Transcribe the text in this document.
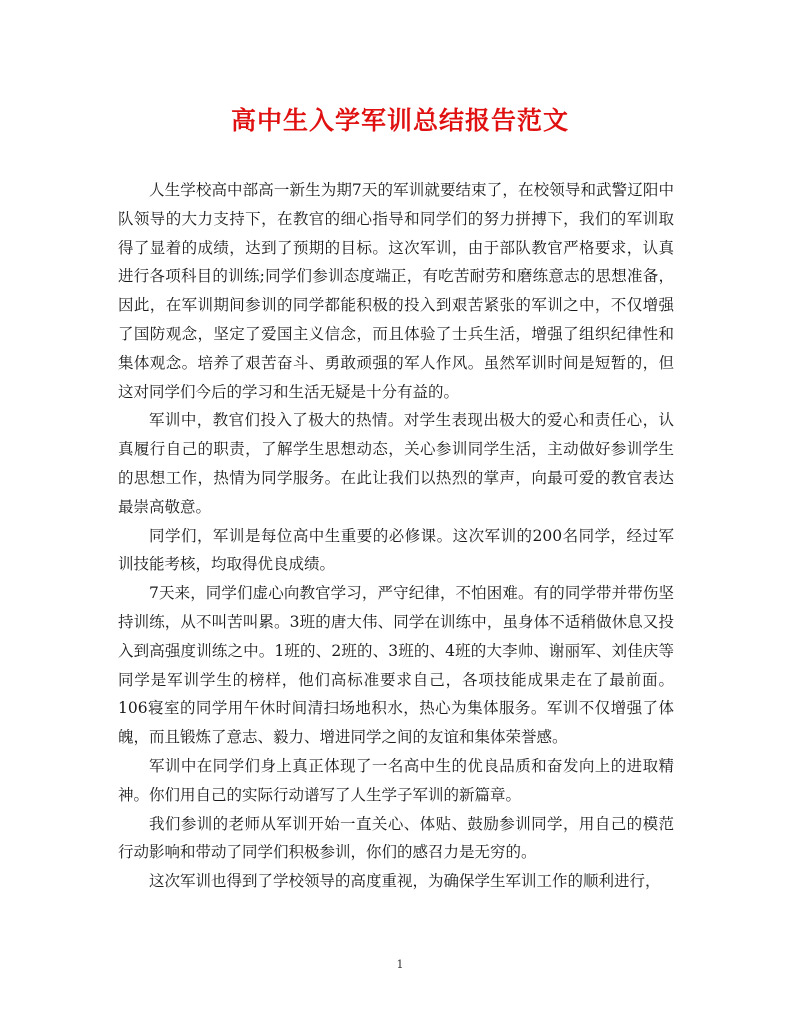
高中生入学军训总结报告范文

人生学校高中部高一新生为期7天的军训就要结束了，在校领导和武警辽阳中队领导的大力支持下，在教官的细心指导和同学们的努力拼搏下，我们的军训取得了显着的成绩，达到了预期的目标。这次军训，由于部队教官严格要求，认真进行各项科目的训练;同学们参训态度端正，有吃苦耐劳和磨练意志的思想准备，因此，在军训期间参训的同学都能积极的投入到艰苦紧张的军训之中，不仅增强了国防观念，坚定了爱国主义信念，而且体验了士兵生活，增强了组织纪律性和集体观念。培养了艰苦奋斗、勇敢顽强的军人作风。虽然军训时间是短暂的，但这对同学们今后的学习和生活无疑是十分有益的。

军训中，教官们投入了极大的热情。对学生表现出极大的爱心和责任心，认真履行自己的职责，了解学生思想动态，关心参训同学生活，主动做好参训学生的思想工作，热情为同学服务。在此让我们以热烈的掌声，向最可爱的教官表达最崇高敬意。

同学们，军训是每位高中生重要的必修课。这次军训的200名同学，经过军训技能考核，均取得优良成绩。

7天来，同学们虚心向教官学习，严守纪律，不怕困难。有的同学带并带伤坚持训练，从不叫苦叫累。3班的唐大伟、同学在训练中，虽身体不适稍做休息又投入到高强度训练之中。1班的、2班的、3班的、4班的大李帅、谢丽军、刘佳庆等同学是军训学生的榜样，他们高标准要求自己，各项技能成果走在了最前面。106寝室的同学用午休时间清扫场地积水，热心为集体服务。军训不仅增强了体魄，而且锻炼了意志、毅力、增进同学之间的友谊和集体荣誉感。

军训中在同学们身上真正体现了一名高中生的优良品质和奋发向上的进取精神。你们用自己的实际行动谱写了人生学子军训的新篇章。

我们参训的老师从军训开始一直关心、体贴、鼓励参训同学，用自己的模范行动影响和带动了同学们积极参训，你们的感召力是无穷的。

这次军训也得到了学校领导的高度重视，为确保学生军训工作的顺利进行，

1
